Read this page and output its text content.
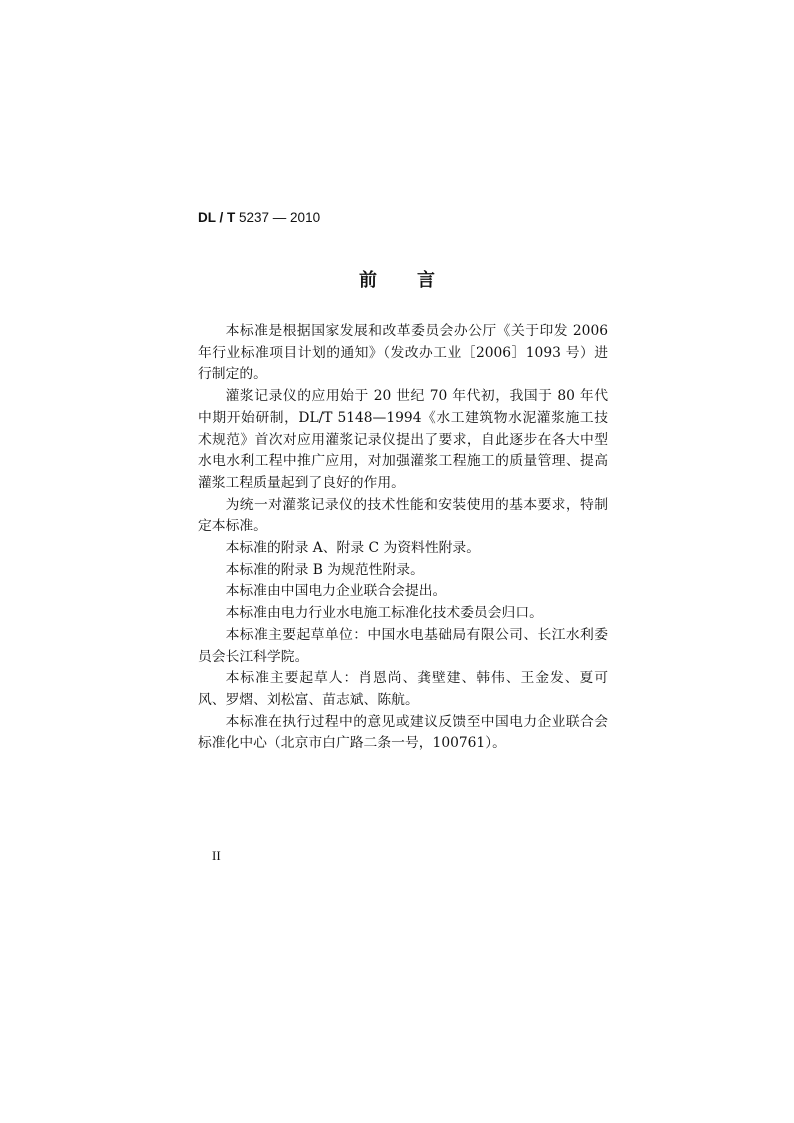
DL / T 5237 — 2010
前 言

本标准是根据国家发展和改革委员会办公厅《关于印发 2006 年行业标准项目计划的通知》（发改办工业［2006］1093 号）进行制定的。

灌浆记录仪的应用始于 20 世纪 70 年代初，我国于 80 年代中期开始研制，DL/T 5148—1994《水工建筑物水泥灌浆施工技术规范》首次对应用灌浆记录仪提出了要求，自此逐步在各大中型水电水利工程中推广应用，对加强灌浆工程施工的质量管理、提高灌浆工程质量起到了良好的作用。

为统一对灌浆记录仪的技术性能和安装使用的基本要求，特制定本标准。

本标准的附录 A、附录 C 为资料性附录。

本标准的附录 B 为规范性附录。

本标准由中国电力企业联合会提出。

本标准由电力行业水电施工标准化技术委员会归口。

本标准主要起草单位：中国水电基础局有限公司、长江水利委员会长江科学院。

本标准主要起草人：肖恩尚、龚壁建、韩伟、王金发、夏可风、罗熠、刘松富、苗志斌、陈航。

本标准在执行过程中的意见或建议反馈至中国电力企业联合会标准化中心（北京市白广路二条一号，100761）。

II
